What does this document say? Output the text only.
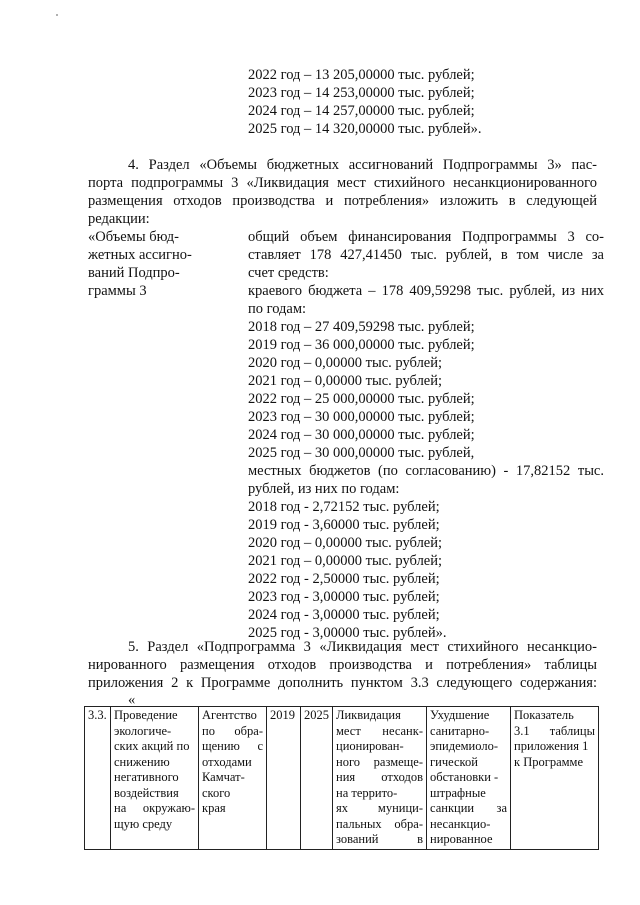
2022 год – 13 205,00000 тыс. рублей;
2023 год – 14 253,00000 тыс. рублей;
2024 год – 14 257,00000 тыс. рублей;
2025 год – 14 320,00000 тыс. рублей».
4. Раздел «Объемы бюджетных ассигнований Подпрограммы 3» пас-
порта подпрограммы 3 «Ликвидация мест стихийного несанкционированного
размещения отходов производства и потребления» изложить в следующей
редакции:
«Объемы бюд-
жетных ассигно-
ваний Подпро-
граммы 3
общий объем финансирования Подпрограммы 3 со-
ставляет 178 427,41450 тыс. рублей, в том числе за
счет средств:
краевого бюджета – 178 409,59298 тыс. рублей, из них
по годам:
2018 год – 27 409,59298 тыс. рублей;
2019 год – 36 000,00000 тыс. рублей;
2020 год – 0,00000 тыс. рублей;
2021 год – 0,00000 тыс. рублей;
2022 год – 25 000,00000 тыс. рублей;
2023 год – 30 000,00000 тыс. рублей;
2024 год – 30 000,00000 тыс. рублей;
2025 год – 30 000,00000 тыс. рублей,
местных бюджетов (по согласованию) - 17,82152 тыс.
рублей, из них по годам:
2018 год - 2,72152 тыс. рублей;
2019 год - 3,60000 тыс. рублей;
2020 год – 0,00000 тыс. рублей;
2021 год – 0,00000 тыс. рублей;
2022 год - 2,50000 тыс. рублей;
2023 год - 3,00000 тыс. рублей;
2024 год - 3,00000 тыс. рублей;
2025 год - 3,00000 тыс. рублей».
5. Раздел «Подпрограмма 3 «Ликвидация мест стихийного несанкцио-
нированного размещения отходов производства и потребления» таблицы
приложения 2 к Программе дополнить пунктом 3.3 следующего содержания:
«
3.3.	Проведение
экологиче-
ских акций по
снижению
негативного
воздействия
на окружаю-
щую среду

Агентство
по обра-
щению с
отходами
Камчат-
ского
края

2019	2025	Ликвидация
мест несанк-
ционирован-
ного размеще-
ния отходов
на террито-
ях муници-
пальных обра-
зований в

Ухудшение
санитарно-
эпидемиоло-
гической
обстановки -
штрафные
санкции за
несанкцио-
нированное

Показатель
3.1 таблицы
приложения 1
к Программе
